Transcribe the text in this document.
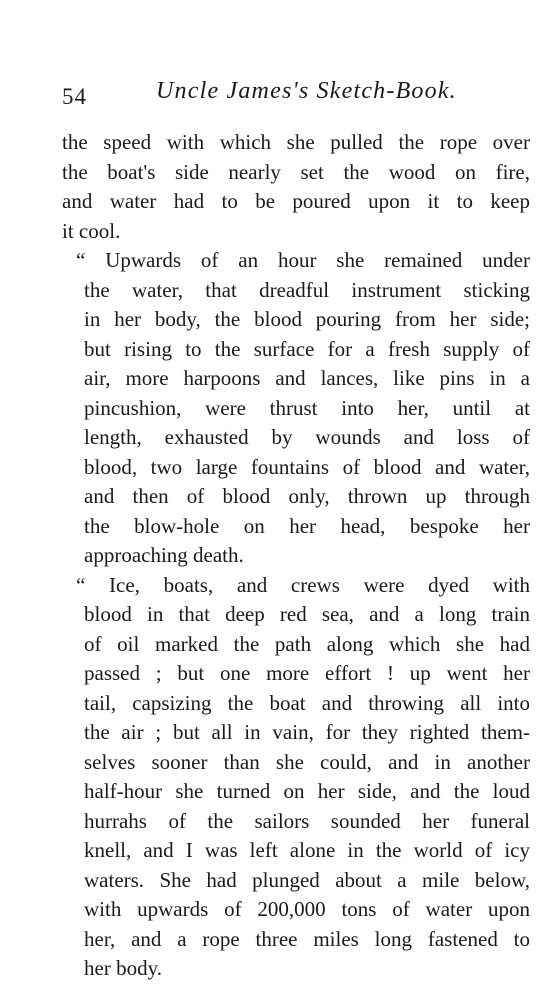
54	Uncle James's Sketch-Book.

the speed with which she pulled the rope over
the boat's side nearly set the wood on fire,
and water had to be poured upon it to keep
it cool.

“ Upwards of an hour she remained under
the water, that dreadful instrument sticking
in her body, the blood pouring from her side;
but rising to the surface for a fresh supply of
air, more harpoons and lances, like pins in a
pincushion, were thrust into her, until at
length, exhausted by wounds and loss of
blood, two large fountains of blood and water,
and then of blood only, thrown up through
the blow-hole on her head, bespoke her
approaching death.

“ Ice, boats, and crews were dyed with
blood in that deep red sea, and a long train
of oil marked the path along which she had
passed ; but one more effort ! up went her
tail, capsizing the boat and throwing all into
the air ; but all in vain, for they righted them-
selves sooner than she could, and in another
half-hour she turned on her side, and the loud
hurrahs of the sailors sounded her funeral
knell, and I was left alone in the world of icy
waters. She had plunged about a mile below,
with upwards of 200,000 tons of water upon
her, and a rope three miles long fastened to
her body.
